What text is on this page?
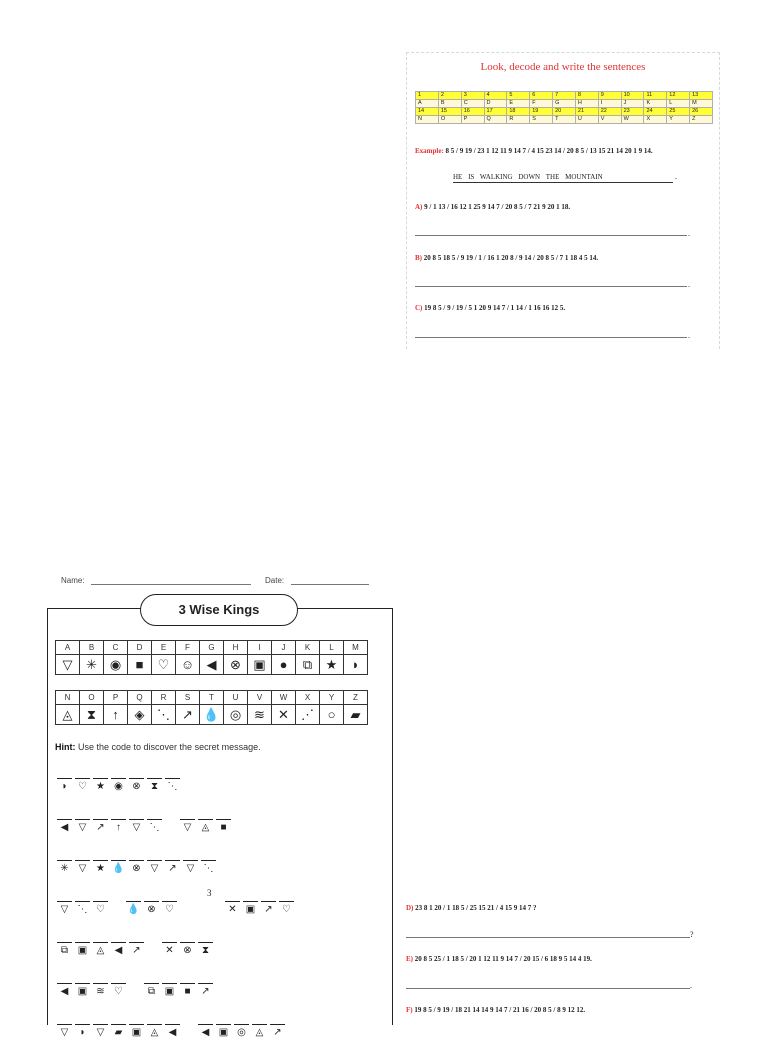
Look, decode and write the sentences
1	2	3	4	5	6	7	8	9	10	11	12	13
A	B	C	D	E	F	G	H	I	J	K	L	M
14	15	16	17	18	19	20	21	22	23	24	25	26
N	O	P	Q	R	S	T	U	V	W	X	Y	Z
Example: 8 5 / 9 19 / 23 1 12 11 9 14 7 / 4 15 23 14 / 20 8 5 / 13 15 21 14 20 1 9 14.
HE IS WALKING DOWN THE MOUNTAIN	.
A) 9 / 1 13 / 16 12 1 25 9 14 7 / 20 8 5 / 7 21 9 20 1 18.
.
B) 20 8 5 18 5 / 9 19 / 1 / 16 1 20 8 / 9 14 / 20 8 5 / 7 1 18 4 5 14.
.
C) 19 8 5 / 9 / 19 / 5 1 20 9 14 7 / 1 14 / 1 16 16 12 5.
.
D) 23 8 1 20 / 1 18 5 / 25 15 21 / 4 15 9 14 7 ?
?
E) 20 8 5 25 / 1 18 5 / 20 1 12 11 9 14 7 / 20 15 / 6 18 9 5 14 4 19.
.
F) 19 8 5 / 9 19 / 18 21 14 14 9 14 7 / 21 16 / 20 8 5 / 8 9 12 12.
Name:	Date:
3 Wise Kings
A	B	C	D	E	F	G	H	I	J	K	L	M
▽	✳	◉	■	♡	☺	◀	⊗	▣	●	⧉	★	◗
N	O	P	Q	R	S	T	U	V	W	X	Y	Z
◬	⧗	↑	◈	⋱	↗	💧	◎	≋	✕	⋰	○	▰
Hint: Use the code to discover the secret message.
3
◗ ♡ ★ ◉ ⊗ ⧗ ⋱
◀ ▽ ↗ ↑ ▽ ⋱ ▽ ◬ ■
✳ ▽ ★ 💧 ⊗ ▽ ↗ ▽ ⋱
▽ ⋱ ♡ 💧 ⊗ ♡	✕ ▣ ↗ ♡
⧉ ▣ ◬ ◀ ↗ ✕ ⊗ ⧗
◀ ▣ ≋ ♡ ⧉ ▣ ■ ↗
▽ ◗ ▽ ▰ ▣ ◬ ◀	◀ ▣ ◎ ◬ ↗
